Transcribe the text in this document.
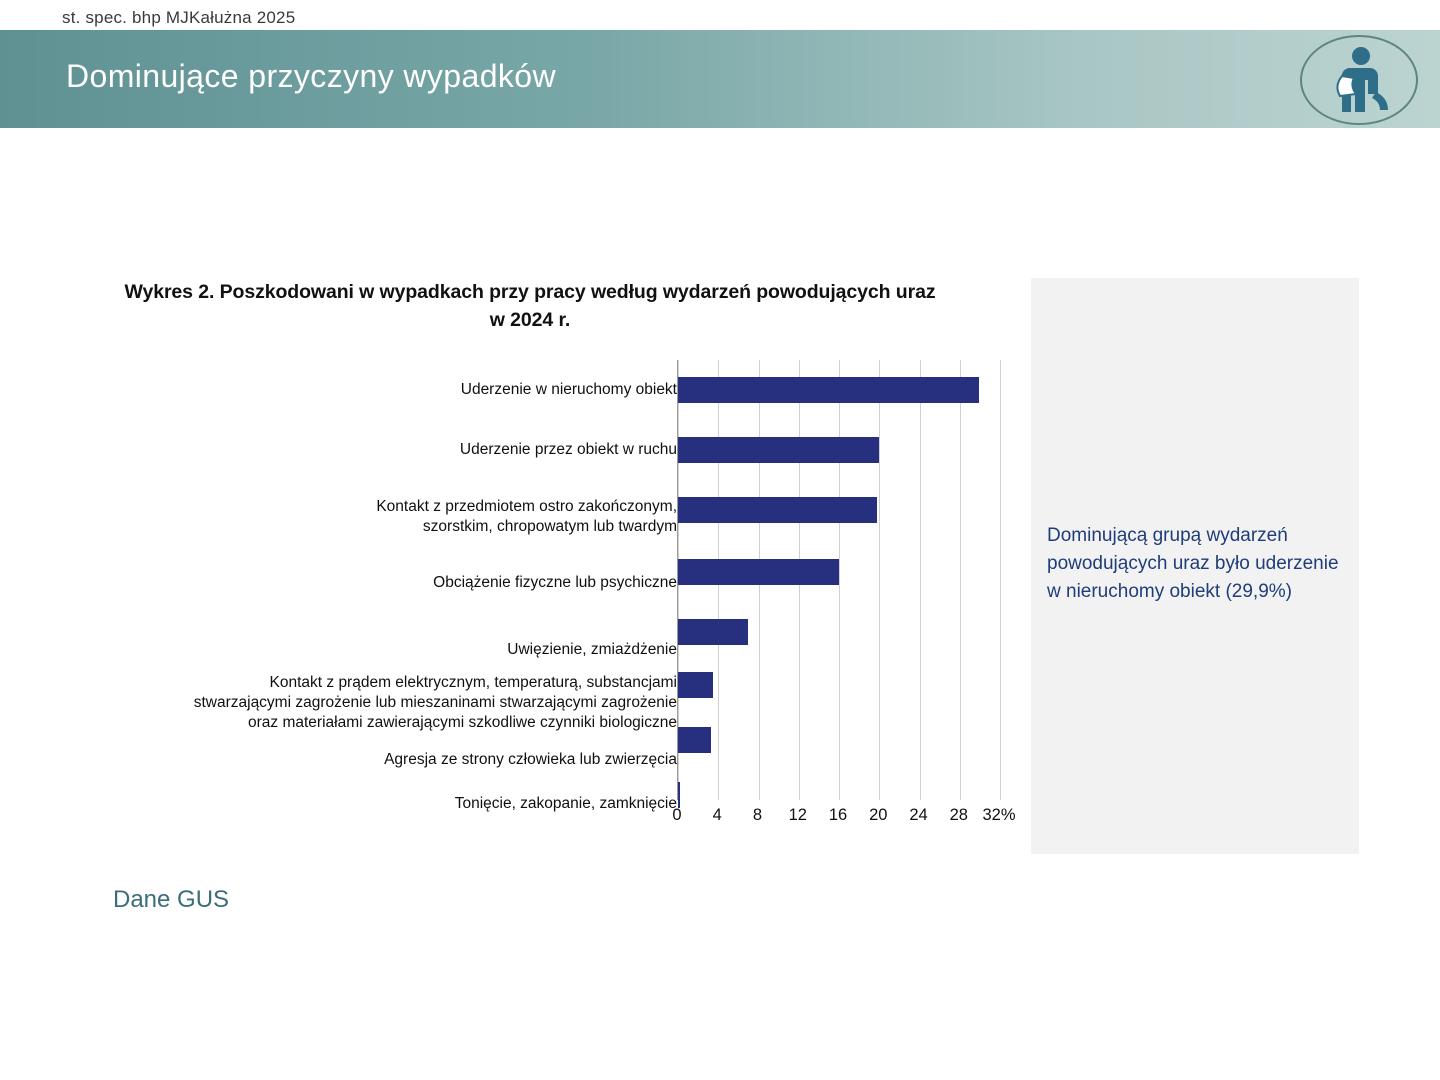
st. spec. bhp MJKałużna 2025
Dominujące przyczyny wypadków
Wykres 2. Poszkodowani w wypadkach przy pracy według wydarzeń powodujących uraz
w 2024 r.
Uderzenie w nieruchomy obiekt
Uderzenie przez obiekt w ruchu
Kontakt z przedmiotem ostro zakończonym,
szorstkim, chropowatym lub twardym
Obciążenie fizyczne lub psychiczne
Uwięzienie, zmiażdżenie
Kontakt z prądem elektrycznym, temperaturą, substancjami
stwarzającymi zagrożenie lub mieszaninami stwarzającymi zagrożenie
oraz materiałami zawierającymi szkodliwe czynniki biologiczne
Agresja ze strony człowieka lub zwierzęcia
Tonięcie, zakopanie, zamknięcie
0 4 8 12 16 20 24 28 32%
Dominującą grupą wydarzeń powodujących uraz było uderzenie w nieruchomy obiekt (29,9%)
Dane GUS
